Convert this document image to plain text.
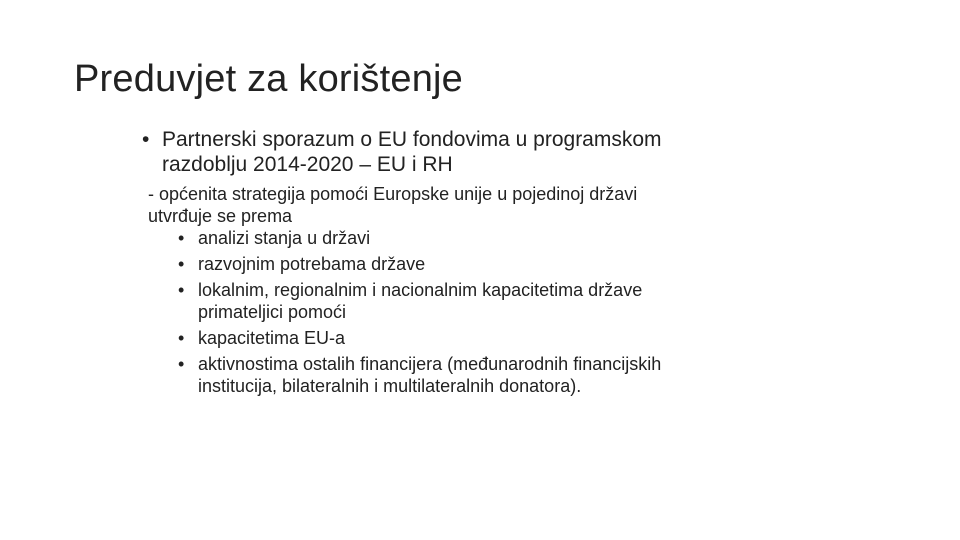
Preduvjet za korištenje
• Partnerski sporazum o EU fondovima u programskom
razdoblju 2014-2020 – EU i RH
- općenita strategija pomoći Europske unije u pojedinoj državi
utvrđuje se prema
• analizi stanja u državi
• razvojnim potrebama države
• lokalnim, regionalnim i nacionalnim kapacitetima države
primateljici pomoći
• kapacitetima EU-a
• aktivnostima ostalih financijera (međunarodnih financijskih
institucija, bilateralnih i multilateralnih donatora).
